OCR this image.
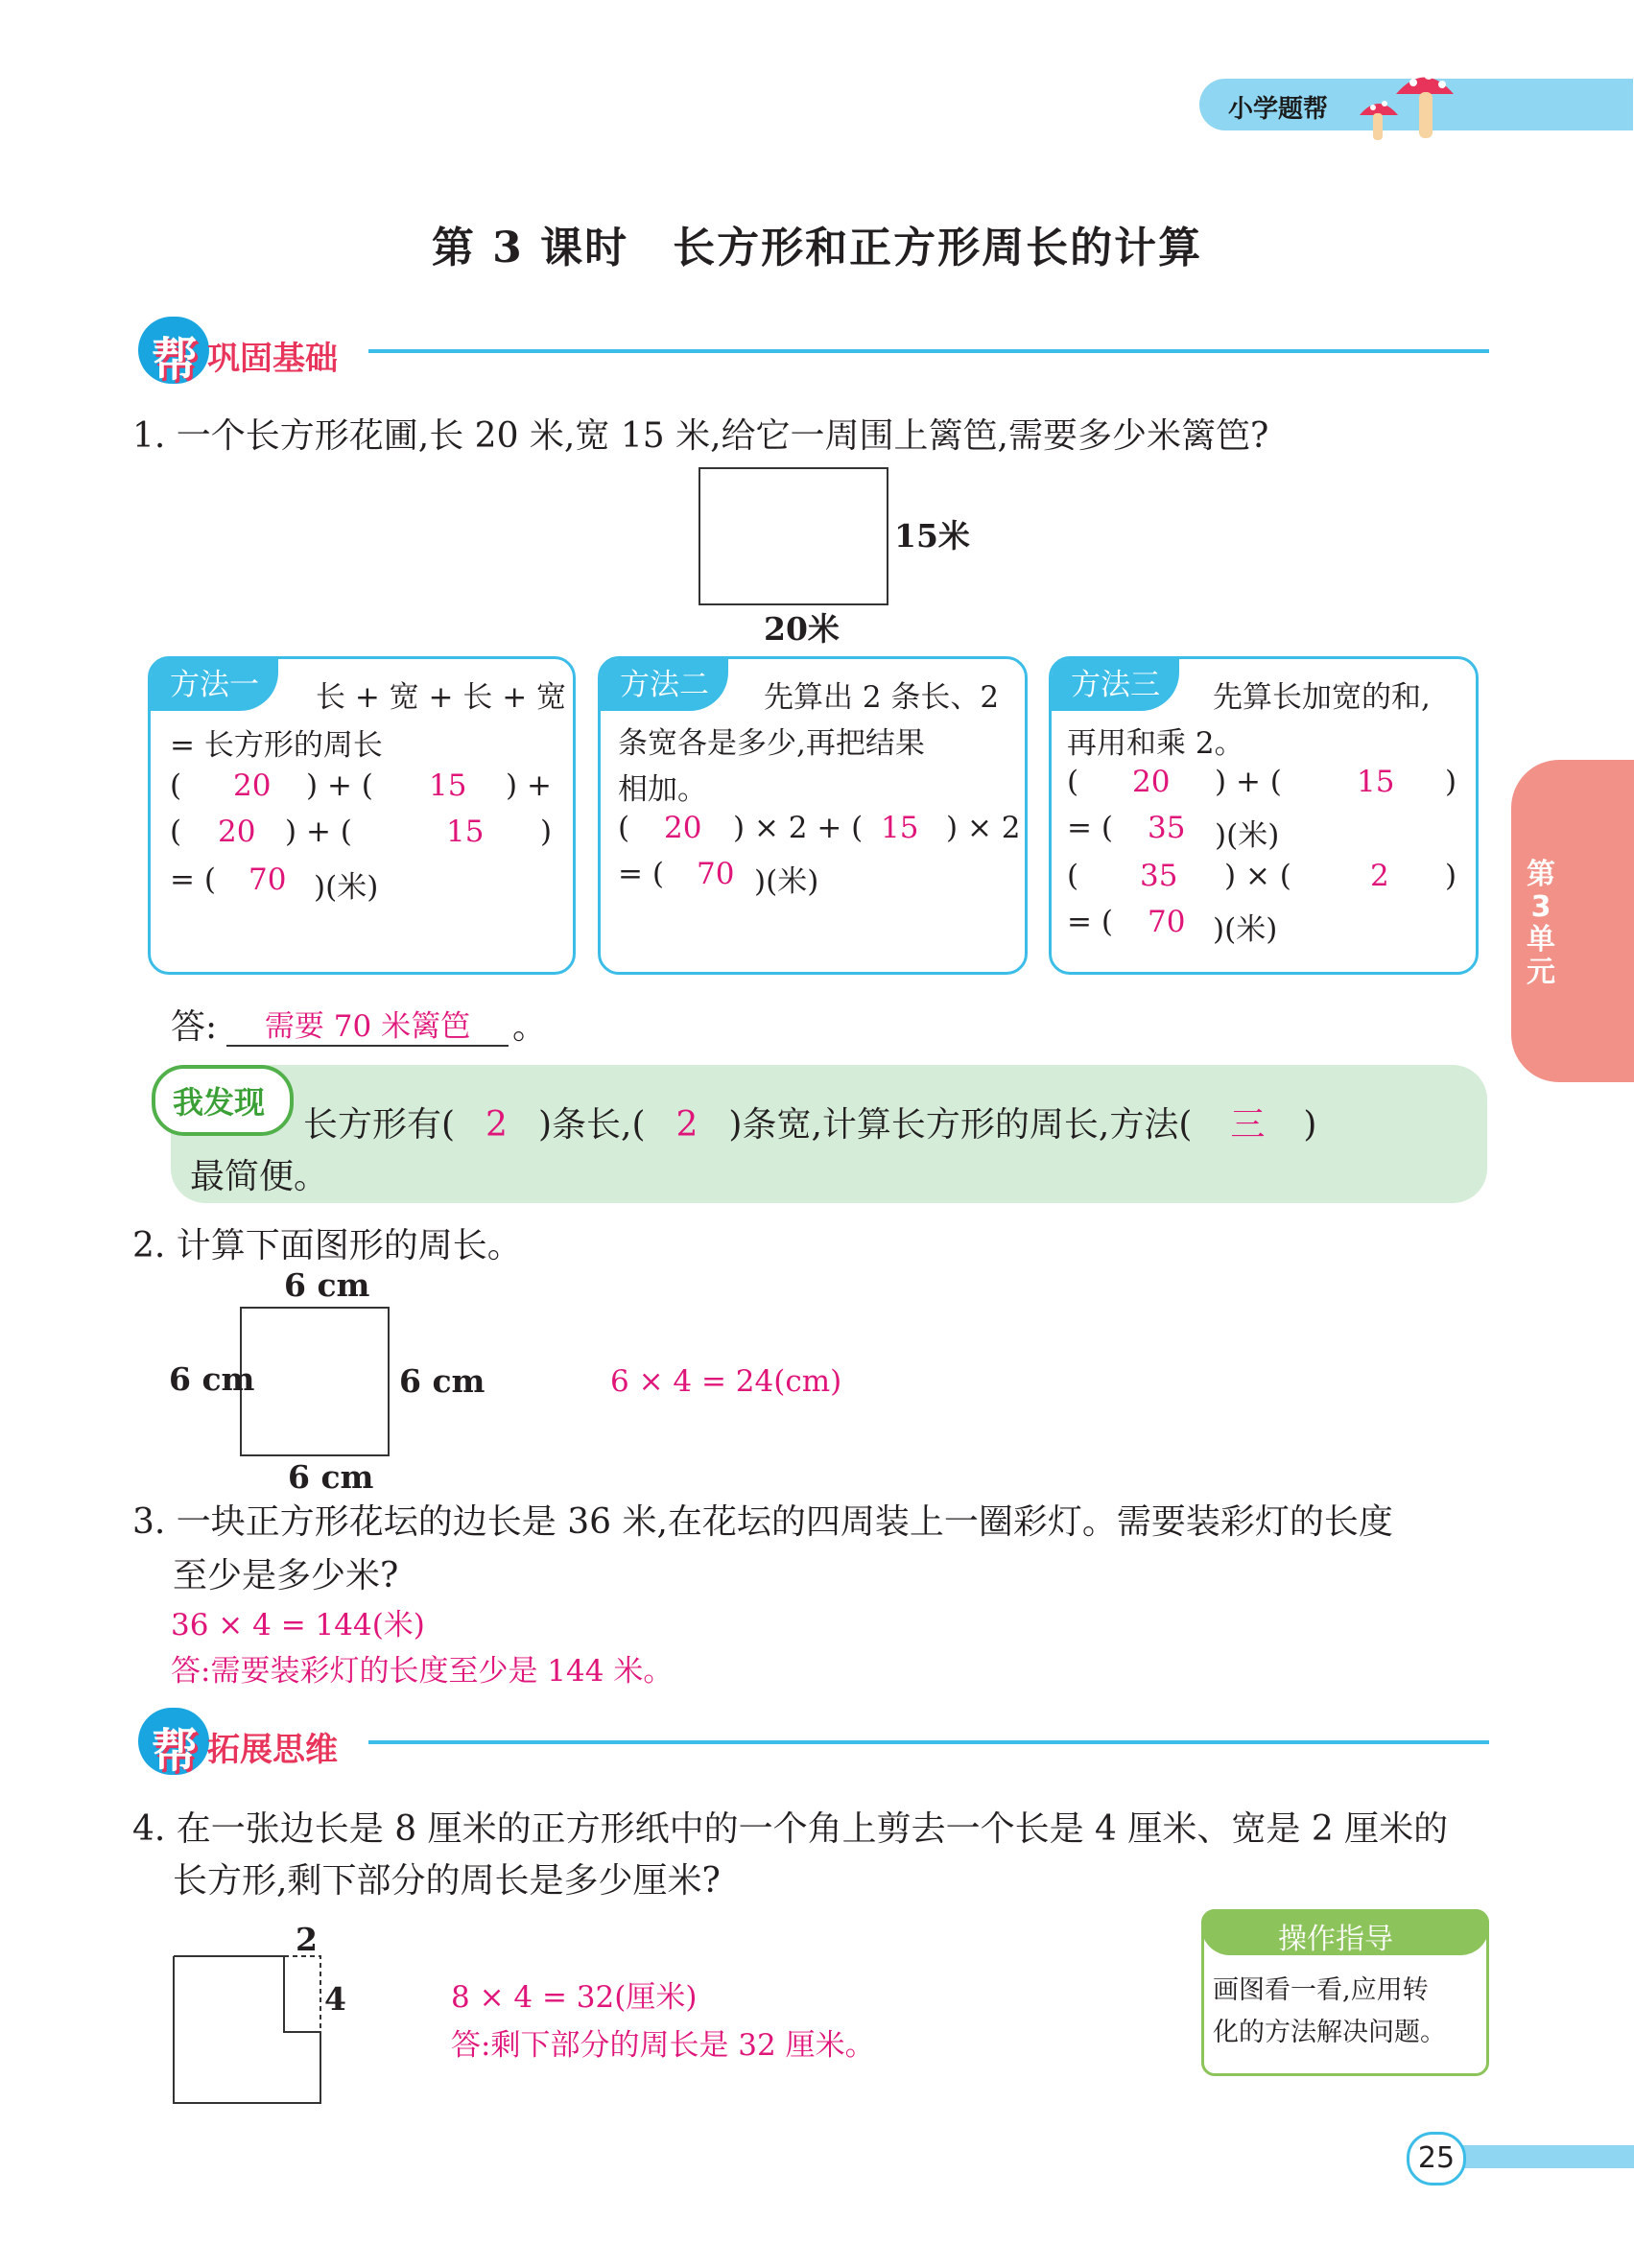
小学题帮
第 3 课时　长方形和正方形周长的计算
帮 巩固基础
1. 一个长方形花圃,长 20 米,宽 15 米,给它一周围上篱笆,需要多少米篱笆?
15米
20米
方法一	长 + 宽 + 长 + 宽
= 长方形的周长
( 20 ) + ( 15 ) +
( 20 ) + (	15 )
= ( 70 )(米)
方法二	先算出 2 条长、2
条宽各是多少,再把结果
相加。
( 20 ) × 2 + ( 15 ) × 2
= ( 70 )(米)
方法三	先算长加宽的和,
再用和乘 2。
( 20 ) + (	15 )
= ( 35 )(米)
( 35 ) × (	2 )
= ( 70 )(米)
答:	需要 70 米篱笆	。
我发现
长方形有( 2 )条长,( 2 )条宽,计算长方形的周长,方法( 三 )
最简便。
第3单元
2. 计算下面图形的周长。
6 cm
6 cm	6 cm
6 cm
6 × 4 = 24(cm)
3. 一块正方形花坛的边长是 36 米,在花坛的四周装上一圈彩灯。需要装彩灯的长度
至少是多少米?
36 × 4 = 144(米)
答:需要装彩灯的长度至少是 144 米。
帮 拓展思维
4. 在一张边长是 8 厘米的正方形纸中的一个角上剪去一个长是 4 厘米、宽是 2 厘米的
长方形,剩下部分的周长是多少厘米?
2
4	8 × 4 = 32(厘米)
答:剩下部分的周长是 32 厘米。
操作指导
画图看一看,应用转
化的方法解决问题。
25
